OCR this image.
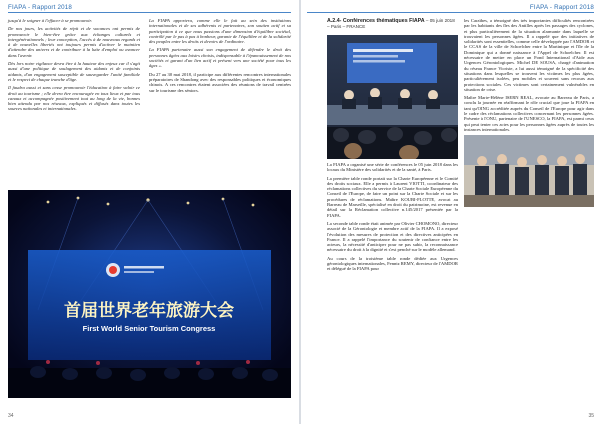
FIAPA - Rapport 2018

jusqu'à le soigner à l'effacer à se promouvoir.

De nos jours, les activités de répit et de vacances ont permis de promouvoir le bien-être grâce aux échanges culturels et intergénérationnels ; leur conception, l'accès à de nouveaux regards et à de nouvelles libertés ont toujours permis d'activer le maintien d'attendre des univers et de contribuer à la lutte d'emploi ou avancer dans l'avenir.

Dès lors notre vigilance devra être à la hauteur des enjeux car il s'agit aussi d'une politique de soulagement des aidants et de conjoints aidants, d'un engagement susceptible de sauvegarder l'unité familiale et le respect de chaque tranche d'âge.

Il faudra aussi et sans cesse promouvoir l'éducation à faire valoir ce droit au tourisme ; elle devra être encouragée en tous lieux et par tous canaux et accompagnée positivement tout au long de la vie, bonnes bien attendu par nos réseaux, expliqués et diffusés dans toutes les sources nationales et internationales.

La FIAPA apportera, comme elle le fait au sein des institutions internationales et de ses adhérents et partenaires, son soutien actif et sa participation à ce que nous passions d'une dimension d'équilibre sociétal, contrôlé par le pas à pas à bonheur, garante de l'équilibre et de la solidarité des peuples entre les droits et devoirs de l'ordinaire.

La FIAPA partenaire aussi son engagement de défendre le droit des personnes âgées aux loisirs choisis, indispensable à l'épanouissement de nos sociétés et garant d'un lien actif et présent vers une société pour tous les âges ».

Du 27 au 30 mai 2018, il participe aux différentes rencontres internationales préparatoires de Shandong avec des responsables politiques et économiques chinois. A ces rencontres étaient associées des réunions de travail centrées sur le tourisme des séniors.

首届世界老年旅游大会
First World Senior Tourism Congress
34
FIAPA - Rapport 2018
A.2.4- Conférences thématiques FIAPA – 05 juin 2018 – Paris – FRANCE

La FIAPA a organisé une série de conférences le 05 juin 2018 dans les locaux du Ministère des solidarités et de la santé, à Paris.

La première table ronde portait sur la Charte Européenne et le Comité des droits sociaux. Elle a permis à Laurent VIOTTI, coordinateur des réclamations collectives du service de la Charte Sociale Européenne du Conseil de l'Europe, de faire un point sur la Charte Sociale et sur les procédures de réclamations. Maître KOUBI-FLOTTE, avocat au Barreau de Marseille, spécialisé en droit du patrimoine, est revenue en détail sur la Réclamation collective n.145/2017 présentée par la FIAPA.

La seconde table ronde était animée par Olivier CHOMONO, directeur associé de la Gérontologie et membre actif de la FIAPA. Il a exposé l'évolution des mesures de protection et des directives anticipées en France. Il a rappelé l'importance du soutenir de confiance entre les acteurs, la nécessité d'anticiper pour ne pas subir, la reconnaissance nécessaire du droit à la dignité et s'est penché sur le modèle allemand.

Au cours de la troisième table ronde dédiée aux Urgences gérontologiques internationales, Fenntz REMY, directeur de l'AMDOR et délégué de la FIAPA pour

les Caraïbes, a témoigné des très importantes difficultés rencontrées par les habitants des îles des Antilles après les passages des cyclones, et plus particulièrement de la situation alarmante dans laquelle se trouvaient les personnes âgées. Il a rappelé que des initiatives de solidarités sont essentielles, comme celle développée par l'AMDOR et le CCAS de la ville de Schoelcher entre la Martinique et l'île de la Dominique qui a donné naissance à l'Appel de Schoelcher. Il est nécessaire de mettre en place un Fond International d'Aide aux Urgences Gérontologiques. Michel DE SOUSA, chargé d'animation du réseau France Vicriste, a lui aussi témoigné de la spécificité des situations dans lesquelles se trouvent les victimes les plus âgées, particulièrement isolées, peu mobiles et souvent sans recours aux protections sociales. Ces victimes sont certainement vulnérables en situation de crise.

Maître Marie-Hélène ISERN REAL, avocate au Barreau de Paris, a conclu la journée en réaffirmant le rôle crucial que joue la FIAPA en tant qu'OING accréditée auprès du Conseil de l'Europe pour agir dans le cadre des réclamations collectives concernant les personnes âgées. Présente à l'ONU, partenaire de l'UNESCO, la FIAPA, est parmi ceux qui peut tenter ces actes pour les personnes âgées auprès de toutes les instances internationales.

35
